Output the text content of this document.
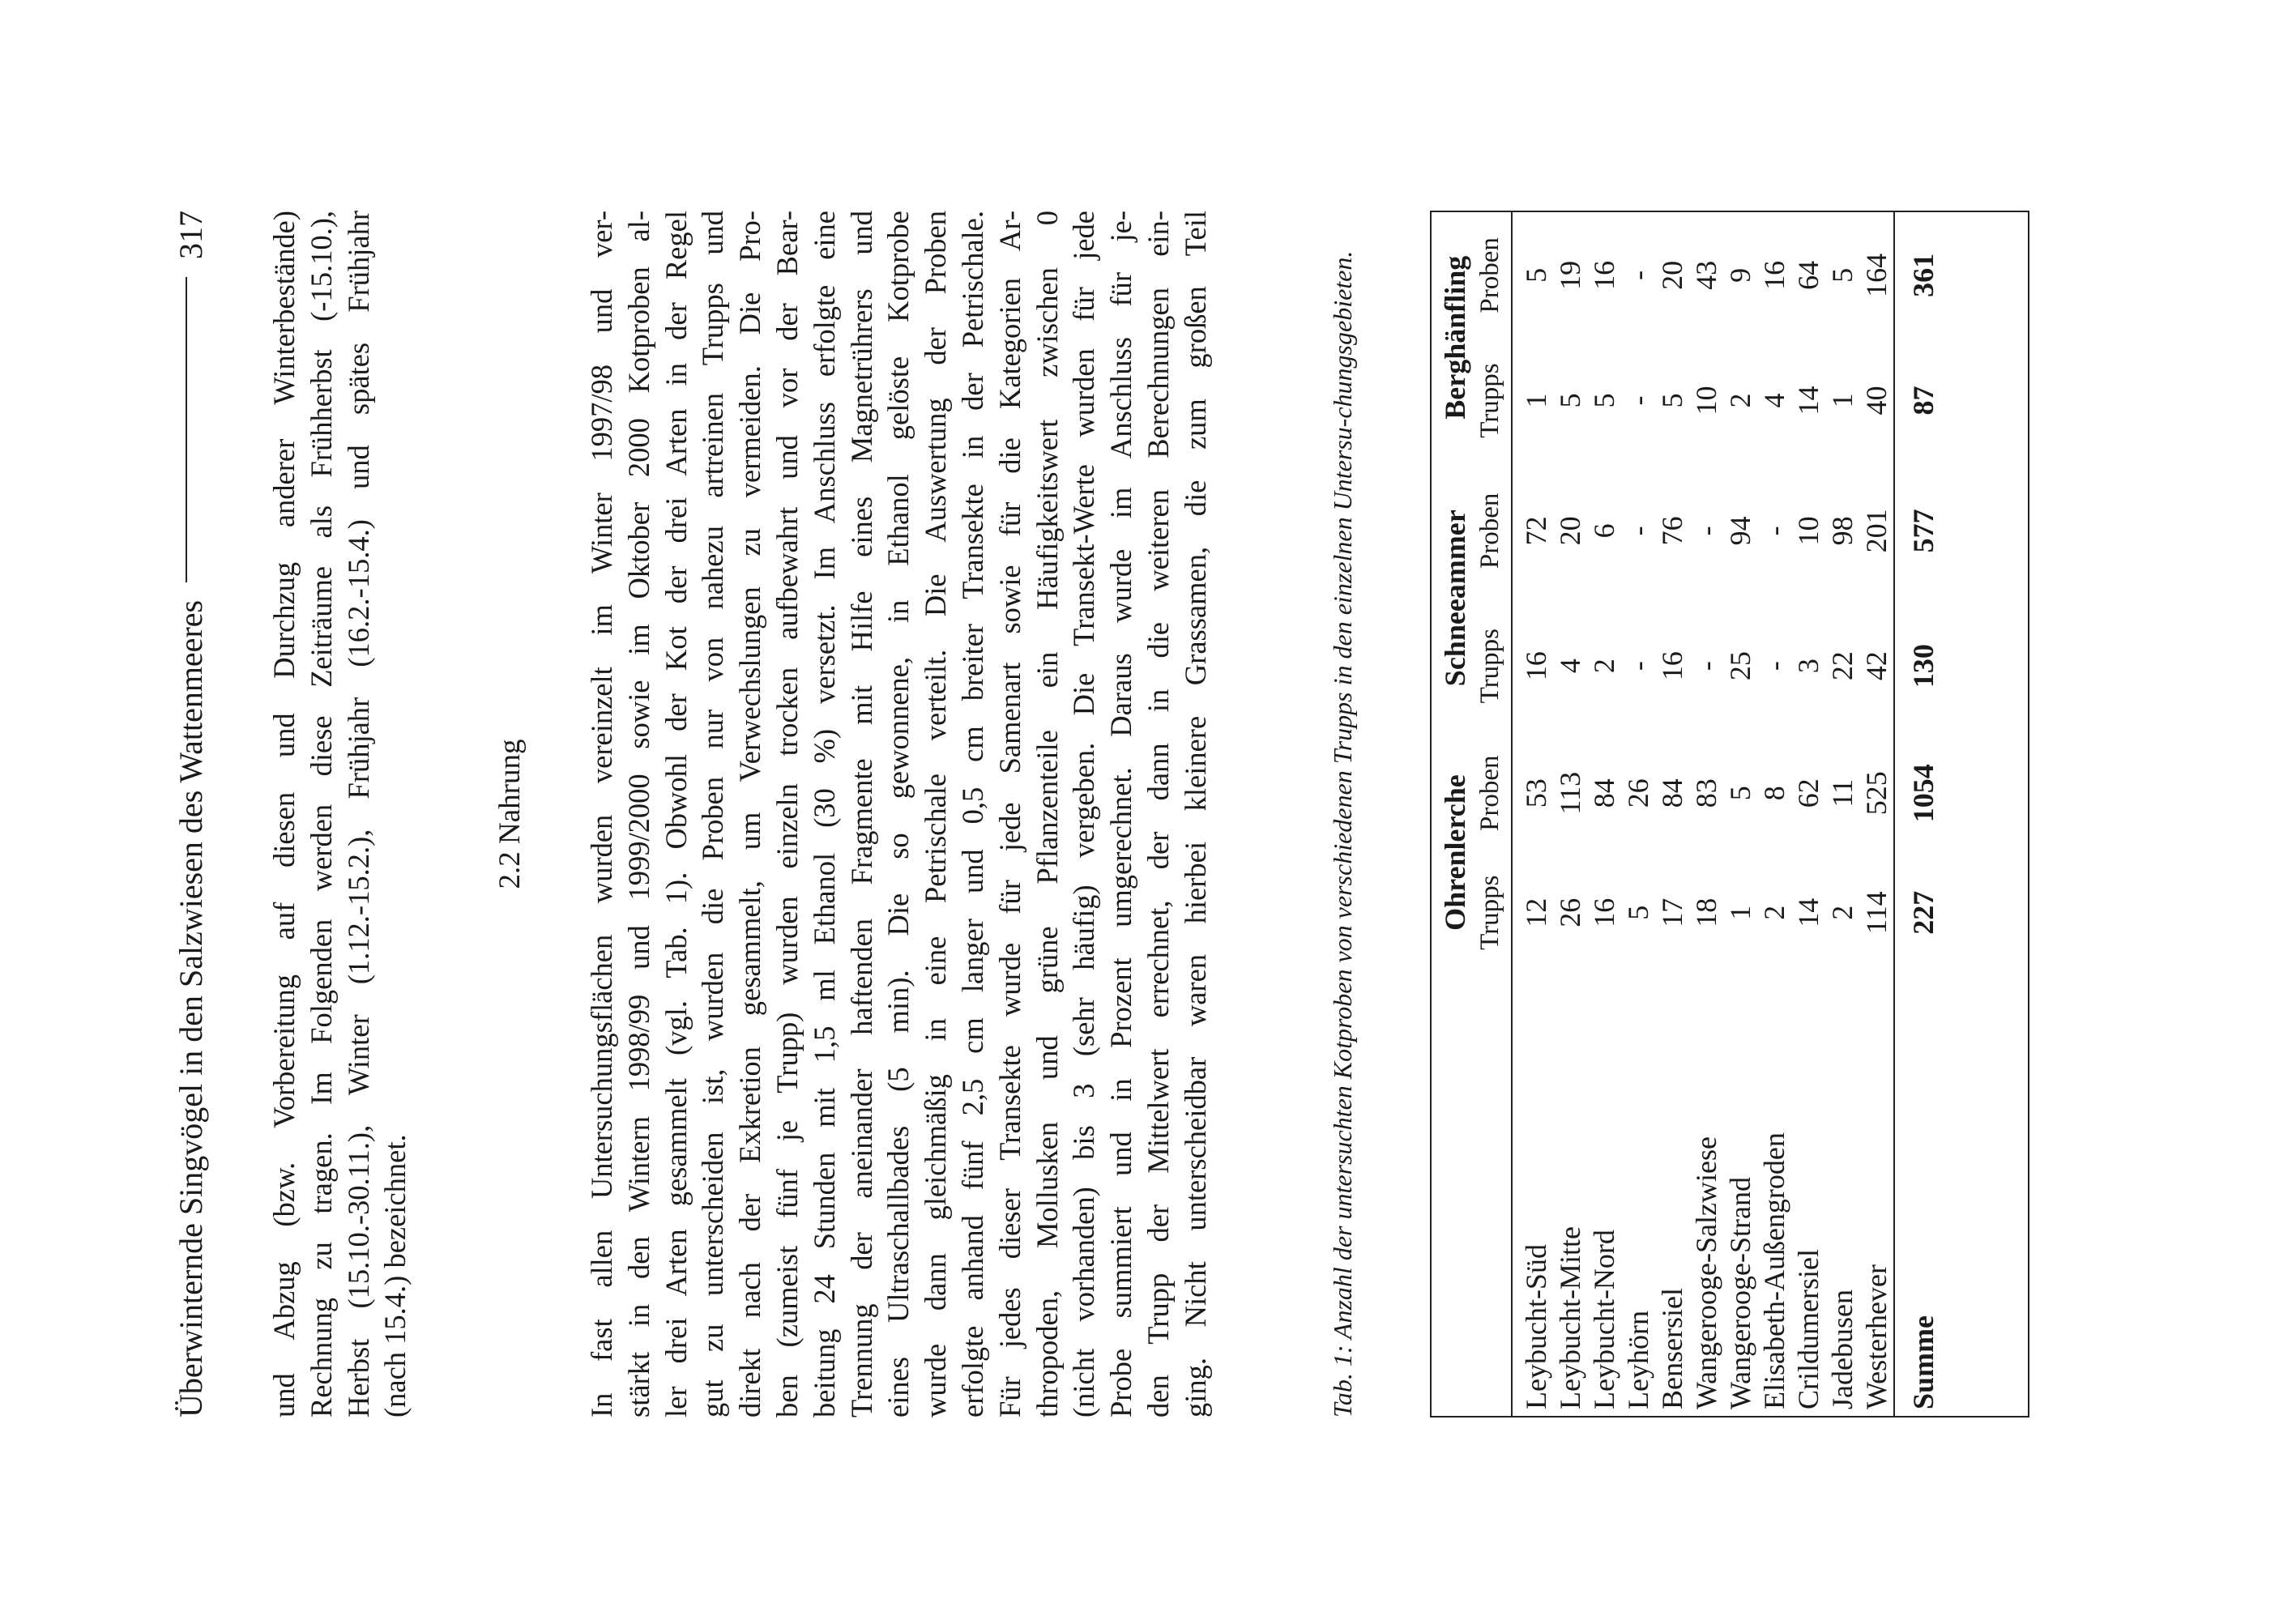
Überwinternde Singvögel in den Salzwiesen des Wattenmeeres
317 und Abzug (bzw. Vorbereitung auf diesen und Durchzug anderer Winterbestände) Rechnung zu tragen. Im Folgenden werden diese Zeiträume als Frühherbst (-15.10.), Herbst (15.10.-30.11.), Winter (1.12.-15.2.), Frühjahr (16.2.-15.4.) und spätes Frühjahr (nach 15.4.) bezeichnet.
2.2 Nahrung In fast allen Untersuchungsflächen wurden vereinzelt im Winter 1997/98 und ver- stärkt in den Wintern 1998/99 und 1999/2000 sowie im Oktober 2000 Kotproben al- ler drei Arten gesammelt (vgl. Tab. 1). Obwohl der Kot der drei Arten in der Regel gut zu unterscheiden ist, wurden die Proben nur von nahezu artreinen Trupps und direkt nach der Exkretion gesammelt, um Verwechslungen zu vermeiden. Die Pro- ben (zumeist fünf je Trupp) wurden einzeln trocken aufbewahrt und vor der Bear- beitung 24 Stunden mit 1,5 ml Ethanol (30 %) versetzt. Im Anschluss erfolgte eine Trennung der aneinander haftenden Fragmente mit Hilfe eines Magnetrührers und eines Ultraschallbades (5 min). Die so gewonnene, in Ethanol gelöste Kotprobe wurde dann gleichmäßig in eine Petrischale verteilt. Die Auswertung der Proben erfolgte anhand fünf 2,5 cm langer und 0,5 cm breiter Transekte in der Petrischale. Für jedes dieser Transekte wurde für jede Samenart sowie für die Kategorien Ar- thropoden, Mollusken und grüne Pflanzenteile ein Häufigkeitswert zwischen 0 (nicht vorhanden) bis 3 (sehr häufig) vergeben. Die Transekt-Werte wurden für jede Probe summiert und in Prozent umgerechnet. Daraus wurde im Anschluss für je- den Trupp der Mittelwert errechnet, der dann in die weiteren Berechnungen ein- ging. Nicht unterscheidbar waren hierbei kleinere Grassamen, die zum großen Teil	Tab. 1: Anzahl der untersuchten Kotproben von verschiedenen Trupps in den einzelnen Untersu-chungsgebieten.
		Ohrenlerche		Schneeammer		Berghänfling	
	Trupps	Proben	Trupps	Proben	Trupps	Proben
Leybucht-Süd	12	53	16	72	1	5
Leybucht-Mitte	26	113	4	20	5	19
Leybucht-Nord	16	84	2	6	5	16
Leyhörn	5	26	-	-	-	-
Bensersiel	17	84	16	76	5	20
Wangerooge-Salzwiese	18	83	-	-	10	43
Wangerooge-Strand	1	5	25	94	2	9
Elisabeth-Außengroden	2	8	-	-	4	16
Crildumersiel	14	62	3	10	14	64
Jadebusen	2	11	22	98	1	5
Westerhever	114	525	42	201	40	164
Summe	227	1054	130	577	87	361
